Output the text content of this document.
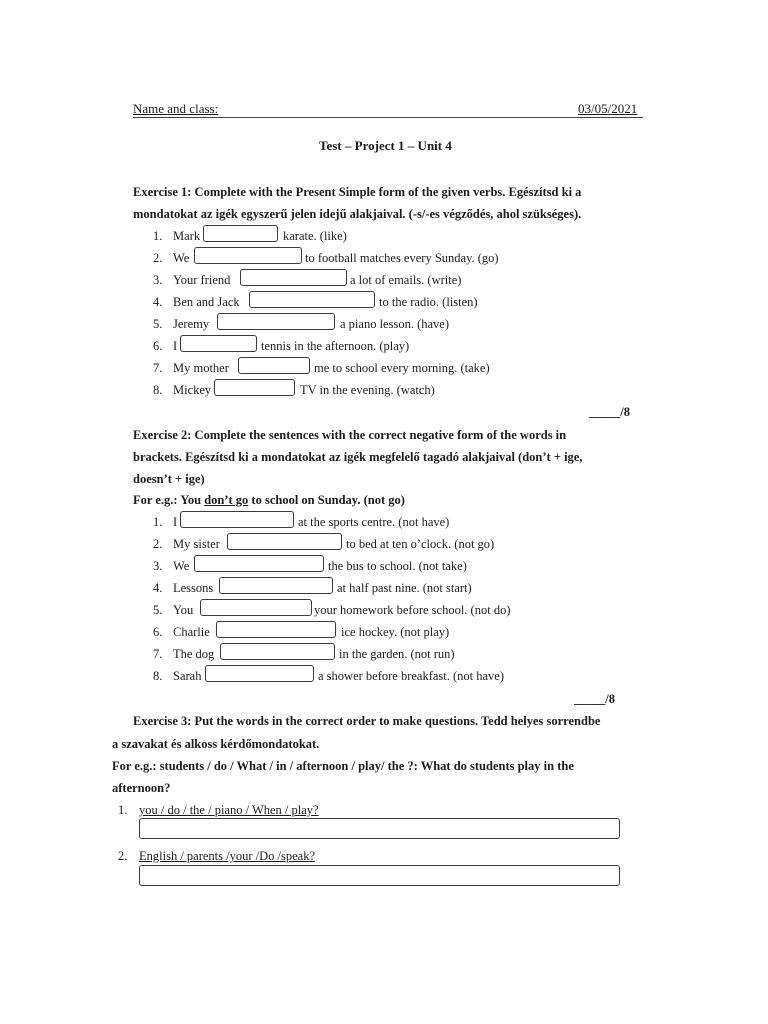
Name and class:	03/05/2021
Test – Project 1 – Unit 4
Exercise 1: Complete with the Present Simple form of the given verbs. Egészítsd ki a
mondatokat az igék egyszerű jelen idejű alakjaival. (-s/-es végződés, ahol szükséges).
1. Mark	karate. (like)
2. We	to football matches every Sunday. (go)
3. Your friend	a lot of emails. (write)
4. Ben and Jack	to the radio. (listen)
5. Jeremy	a piano lesson. (have)
6. I	tennis in the afternoon. (play)
7. My mother	me to school every morning. (take)
8. Mickey	TV in the evening. (watch)
_____/8
Exercise 2: Complete the sentences with the correct negative form of the words in
brackets. Egészítsd ki a mondatokat az igék megfelelő tagadó alakjaival (don’t + ige,
doesn’t + ige)
For e.g.: You don’t go to school on Sunday. (not go)
1. I	at the sports centre. (not have)
2. My sister	to bed at ten o’clock. (not go)
3. We	the bus to school. (not take)
4. Lessons	at half past nine. (not start)
5. You	your homework before school. (not do)
6. Charlie	ice hockey. (not play)
7. The dog	in the garden. (not run)
8. Sarah	a shower before breakfast. (not have)
_____/8
Exercise 3: Put the words in the correct order to make questions. Tedd helyes sorrendbe
a szavakat és alkoss kérdőmondatokat.
For e.g.: students / do / What / in / afternoon / play/ the ?: What do students play in the
afternoon?
1. you / do / the / piano / When / play?
2. English / parents /your /Do /speak?
